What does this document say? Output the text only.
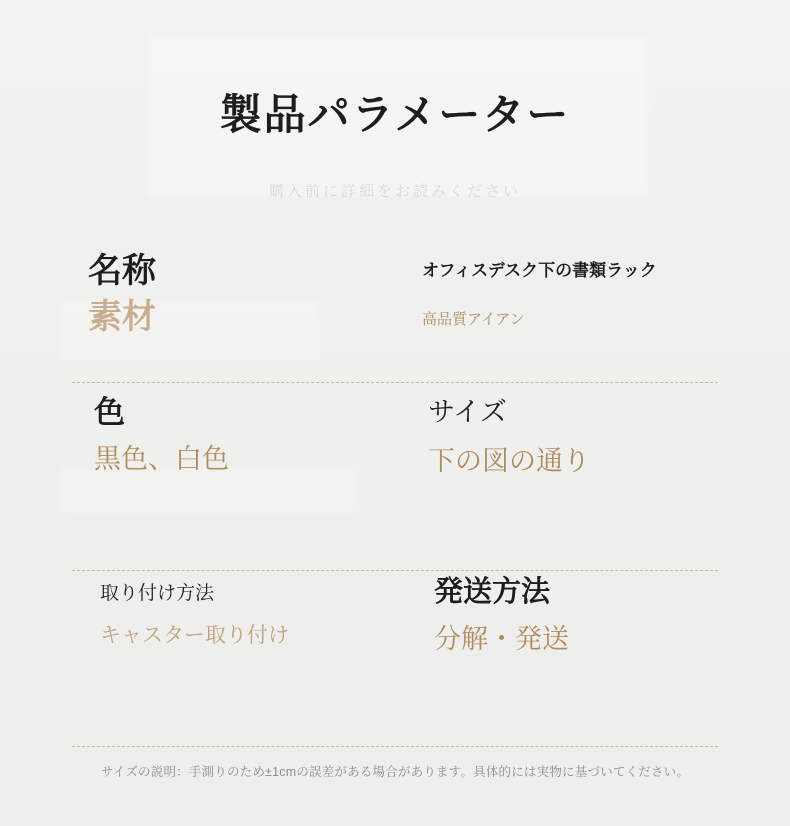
製品パラメーター
購入前に詳細をお読みください
名称
素材
オフィスデスク下の書類ラック
高品質アイアン
色
黒色、白色
サイズ
下の図の通り
取り付け方法
キャスター取り付け
発送方法
分解・発送
サイズの説明：手測りのため±1cmの誤差がある場合があります。具体的には実物に基づいてください。
